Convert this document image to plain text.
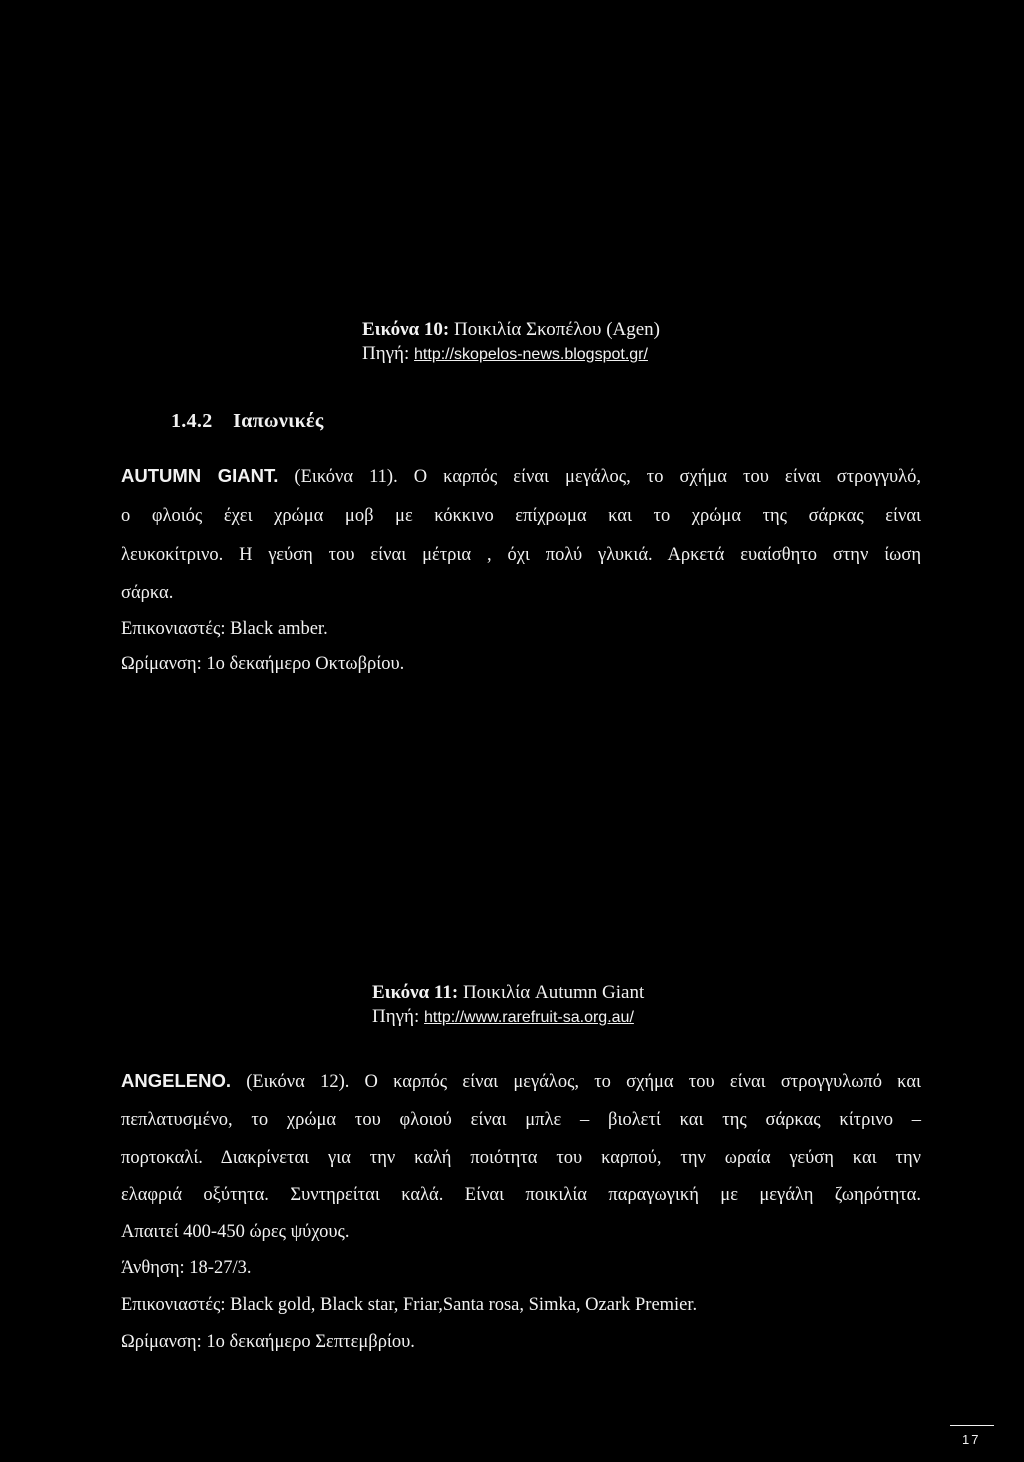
Εικόνα 10: Ποικιλία Σκοπέλου (Agen)
Πηγή: http://skopelos-news.blogspot.gr/
1.4.2 Ιαπωνικές
AUTUMN GIANT. (Εικόνα 11). Ο καρπός είναι μεγάλος, το σχήμα του είναι στρογγυλό,
ο φλοιός έχει χρώμα μοβ με κόκκινο επίχρωμα και το χρώμα της σάρκας είναι
λευκοκίτρινο. Η γεύση του είναι μέτρια , όχι πολύ γλυκιά. Αρκετά ευαίσθητο στην ίωση
σάρκα.
Επικονιαστές: Black amber.
Ωρίμανση: 1ο δεκαήμερο Οκτωβρίου.
Εικόνα 11: Ποικιλία Autumn Giant
Πηγή: http://www.rarefruit-sa.org.au/
ANGELENO. (Εικόνα 12). Ο καρπός είναι μεγάλος, το σχήμα του είναι στρογγυλωπό και
πεπλατυσμένο, το χρώμα του φλοιού είναι μπλε – βιολετί και της σάρκας κίτρινο –
πορτοκαλί. Διακρίνεται για την καλή ποιότητα του καρπού, την ωραία γεύση και την
ελαφριά οξύτητα. Συντηρείται καλά. Είναι ποικιλία παραγωγική με μεγάλη ζωηρότητα.
Απαιτεί 400-450 ώρες ψύχους.
Άνθηση: 18-27/3.
Επικονιαστές: Black gold, Black star, Friar,Santa rosa, Simka, Ozark Premier.
Ωρίμανση: 1ο δεκαήμερο Σεπτεμβρίου.
17
